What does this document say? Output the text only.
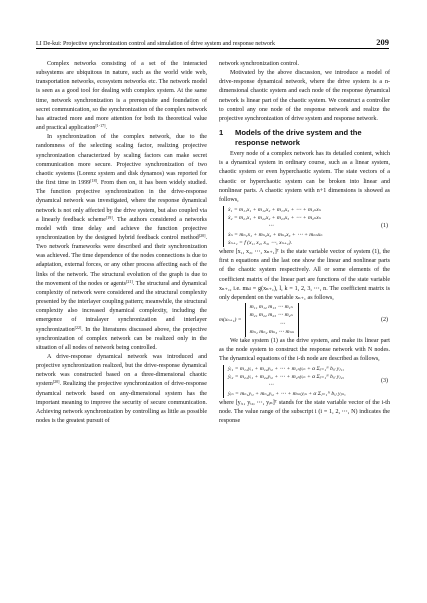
LI De-kui: Projective synchronization control and simulation of drive system and response network	209

Complex networks consisting of a set of the interacted subsystems are ubiquitous in nature, such as the world wide web, transportation networks, ecosystem networks etc. The network model is seen as a good tool for dealing with complex system. At the same time, network synchronization is a prerequisite and foundation of secret communication, so the synchronization of the complex network has attracted more and more attention for both its theoretical value and practical application[1-17].

In synchronization of the complex network, due to the randomness of the selecting scaling factor, realizing projective synchronization characterized by scaling factors can make secret communication more secure. Projective synchronization of two chaotic systems (Lorenz system and disk dynamos) was reported for the first time in 1999[18]. From then on, it has been widely studied. The function projective synchronization in the drive-response dynamical network was investigated, where the response dynamical network is not only affected by the drive system, but also coupled via a linearly feedback scheme[19]. The authors considered a networks model with time delay and achieve the function projective synchronization by the designed hybrid feedback control method[20]. Two network frameworks were described and their synchronization was achieved. The time dependence of the nodes connections is due to adaptation, external forces, or any other process affecting each of the links of the network. The structural evolution of the graph is due to the movement of the nodes or agents[21]. The structural and dynamical complexity of network were considered and the structural complexity presented by the interlayer coupling pattern; meanwhile, the structural complexity also increased dynamical complexity, including the emergence of intralayer synchronization and interlayer synchronization[22]. In the literatures discussed above, the projective synchronization of complex network can be realized only in the situation of all nodes of network being controlled.

A drive-response dynamical network was introduced and projective synchronization realized, but the drive-response dynamical network was constructed based on a three-dimensional chaotic system[20]. Realizing the projective synchronization of drive-response dynamical network based on any-dimensional system has the important meaning to improve the security of secure communication. Achieving network synchronization by controlling as little as possible nodes is the greatest pursuit of

network synchronization control.

Motivated by the above discussion, we introduce a model of drive-response dynamical network, where the drive system is a n-dimensional chaotic system and each node of the response dynamical network is linear part of the chaotic system. We construct a controller to control any one node of the response network and realize the projective synchronization of drive system and response network.

1	Models of the drive system and the
response network

Every node of a complex network has its detailed content, which is a dynamical system in ordinary course, such as a linear system, chaotic system or even hyperchaotic system. The state vectors of a chaotic or hyperchaotic system can be broken into linear and nonlinear parts. A chaotic system with n+1 dimensions is showed as follows,

ẋ₁ = m₁₁x₁ + m₁₂x₂ + m₁₃x₃ + ⋯ + m₁ₙxₙ
ẋ₂ = m₂₁x₁ + m₂₂x₂ + m₂₃x₃ + ⋯ + m₂ₙxₙ
⋯
ẋₙ = mₙ₁x₁ + mₙ₂x₂ + mₙ₃x₃ + ⋯ + mₙₙxₙ
ẋₙ₊₁ = f (x₁, x₂, x₃, ⋯, xₙ₊₁).
(1)

where [x₁, x₂, ⋯, xₙ₊₁]ᵀ is the state variable vector of system (1), the first n equations and the last one show the linear and nonlinear parts of the chaotic system respectively. All or some elements of the coefficient matrix of the linear part are functions of the state variable xₙ₊₁, i.e. mₖₗ = g(xₙ₊₁), l, k = 1, 2, 3, ⋯, n. The coefficient matrix is only dependent on the variable xₙ₊₁ as follows,

m(xₙ₊₁) =
m₁₁ m₁₂ m₁₃ ⋯ m₁ₙ
m₂₁ m₂₂ m₂₃ ⋯ m₂ₙ
⋯
mₙ₁ mₙ₂ mₙ₃ ⋯ mₙₙ
(2)

We take system (1) as the drive system, and make its linear part as the node system to construct the response network with N nodes. The dynamical equations of the i-th node are described as follows,

ẏᵢ₁ = m₁₁yᵢ₁ + m₁₂yᵢ₂ + ⋯ + m₁ₙyᵢₙ + α Σⱼ₌₁ᴺ bᵢⱼ yⱼ₁,
ẏᵢ₂ = m₂₁yᵢ₁ + m₂₂yᵢ₂ + ⋯ + m₂ₙyᵢₙ + α Σⱼ₌₁ᴺ bᵢⱼ yⱼ₂,
⋯
ẏᵢₙ = mₙ₁yᵢ₁ + mₙ₂yᵢ₂ + ⋯ + mₙₙyᵢₙ + α Σⱼ₌₁ᴺ bᵢⱼ yⱼₙ,
(3)

where [yᵢ₁, yᵢ₂, ⋯, yᵢₙ]ᵀ stands for the state variable vector of the i-th node. The value range of the subscript i (i = 1, 2, ⋯, N) indicates the response
